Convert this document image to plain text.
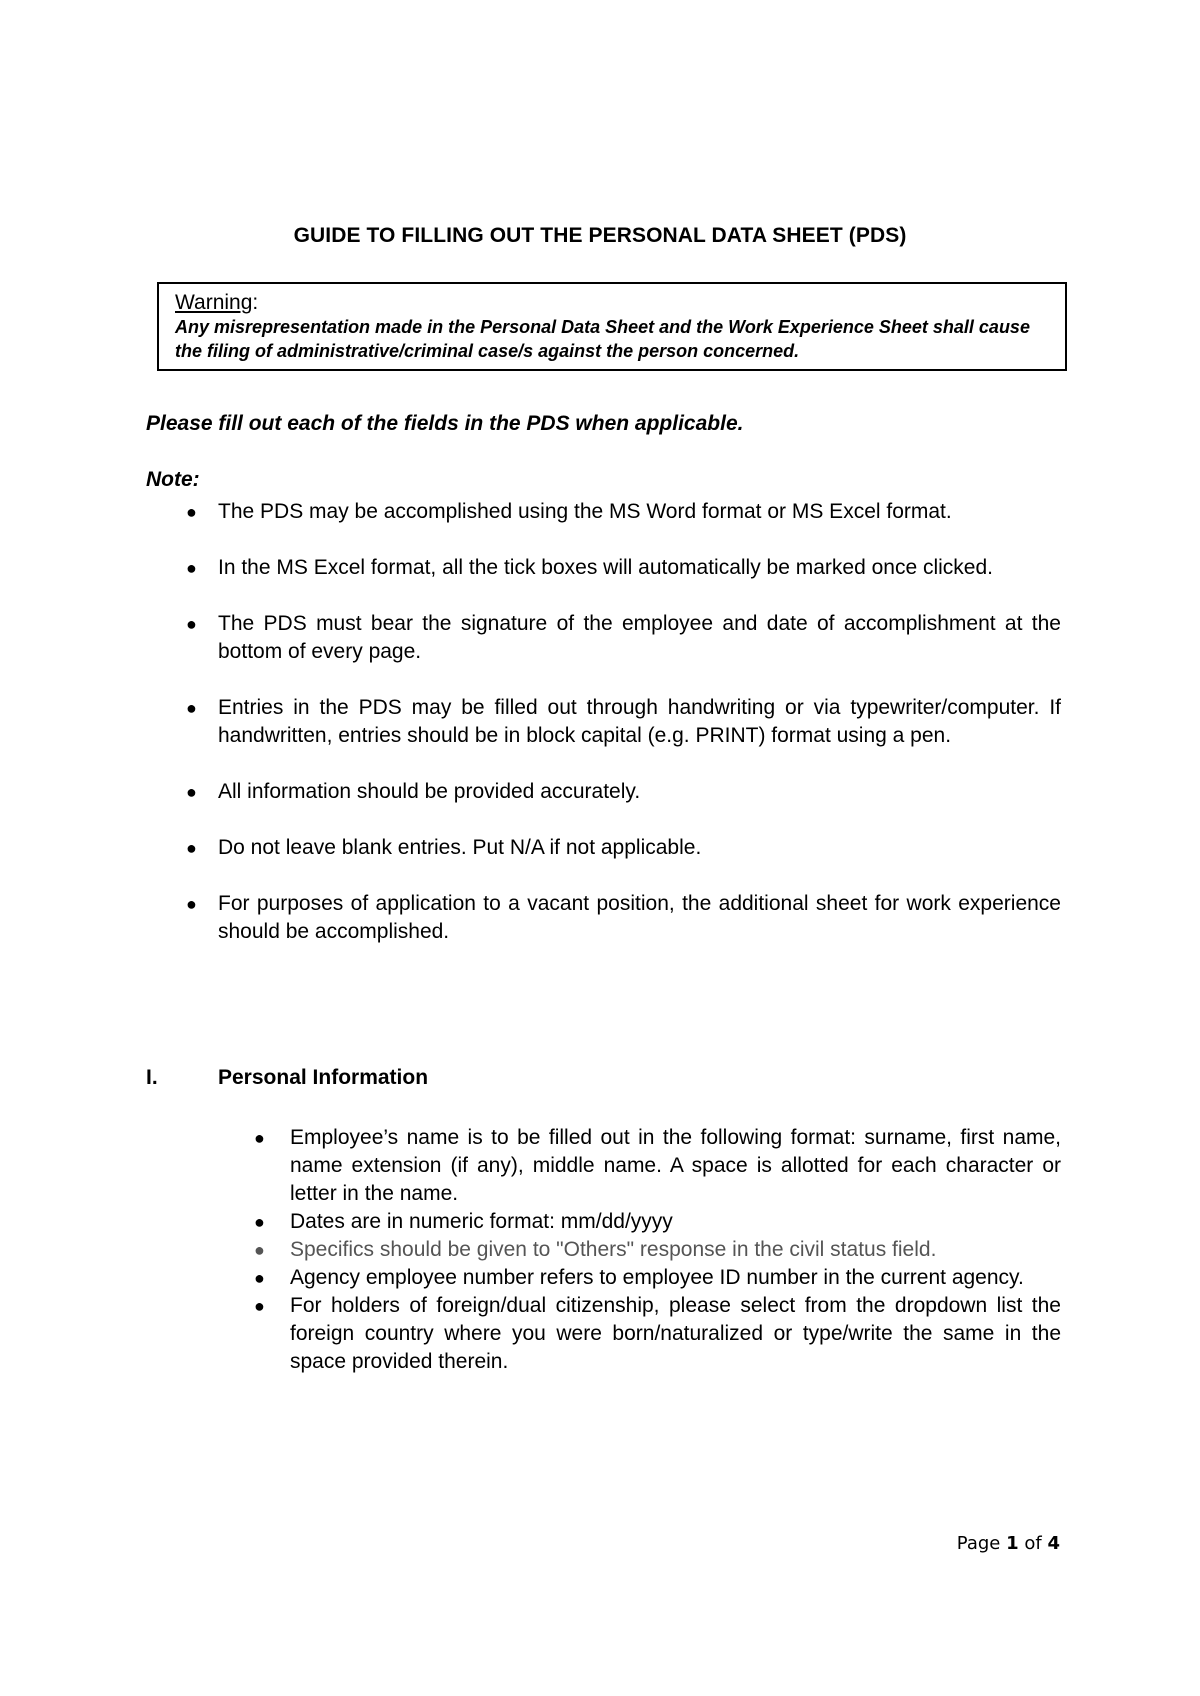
GUIDE TO FILLING OUT THE PERSONAL DATA SHEET (PDS)
Warning:
Any misrepresentation made in the Personal Data Sheet and the Work Experience Sheet shall cause the filing of administrative/criminal case/s against the person concerned.
Please fill out each of the fields in the PDS when applicable.
Note:
● The PDS may be accomplished using the MS Word format or MS Excel format.
● In the MS Excel format, all the tick boxes will automatically be marked once clicked.
● The PDS must bear the signature of the employee and date of accomplishment at the bottom of every page.
● Entries in the PDS may be filled out through handwriting or via typewriter/computer. If handwritten, entries should be in block capital (e.g. PRINT) format using a pen.
● All information should be provided accurately.
● Do not leave blank entries. Put N/A if not applicable.
● For purposes of application to a vacant position, the additional sheet for work experience should be accomplished.
I.	Personal Information
● Employee’s name is to be filled out in the following format: surname, first name, name extension (if any), middle name. A space is allotted for each character or letter in the name.
● Dates are in numeric format: mm/dd/yyyy
● Specifics should be given to "Others" response in the civil status field.
● Agency employee number refers to employee ID number in the current agency.
● For holders of foreign/dual citizenship, please select from the dropdown list the foreign country where you were born/naturalized or type/write the same in the space provided therein.
Page 1 of 4
